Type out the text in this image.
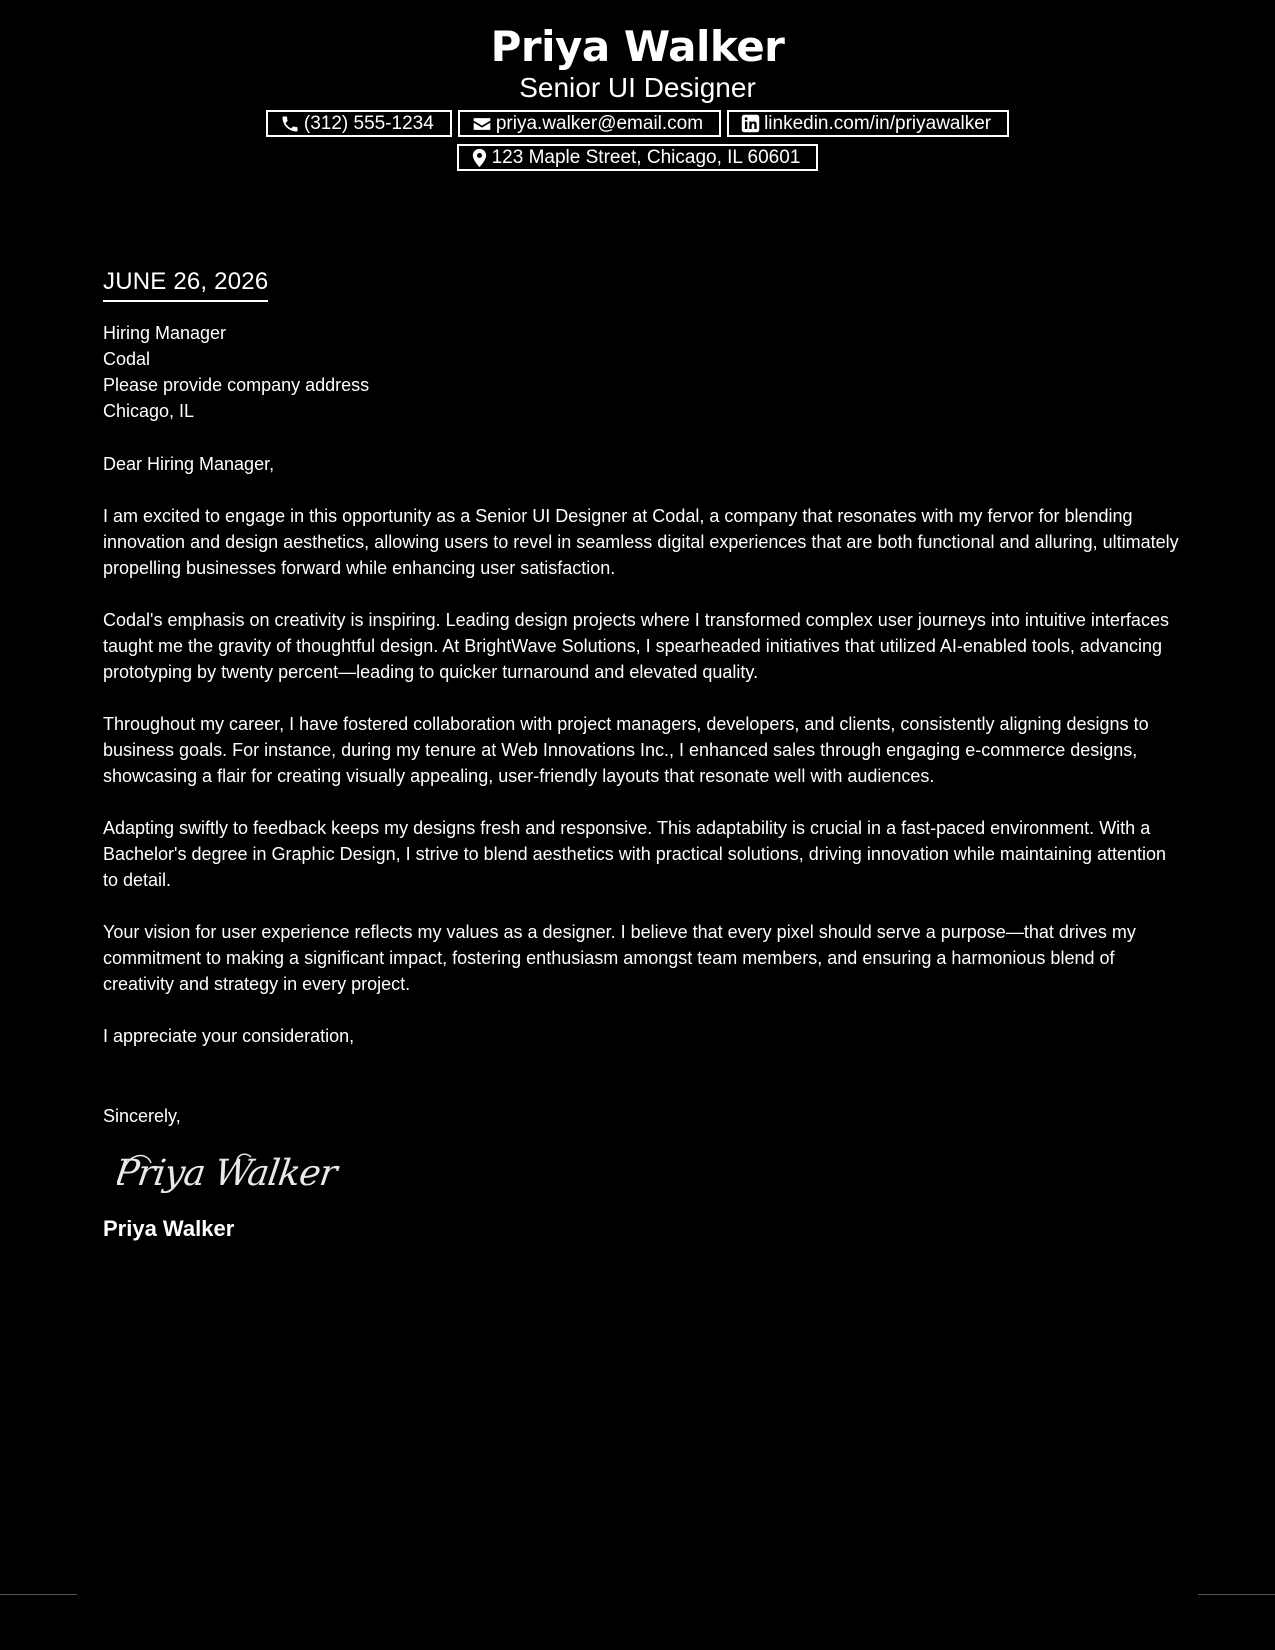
Priya Walker
Senior UI Designer
(312) 555-1234	priya.walker@email.com	linkedin.com/in/priyawalker
123 Maple Street, Chicago, IL 60601
JUNE 26, 2026
Hiring Manager
Codal
Please provide company address
Chicago, IL
Dear Hiring Manager,
I am excited to engage in this opportunity as a Senior UI Designer at Codal, a company that resonates with my fervor for blending innovation and design aesthetics, allowing users to revel in seamless digital experiences that are both functional and alluring, ultimately propelling businesses forward while enhancing user satisfaction.
Codal's emphasis on creativity is inspiring. Leading design projects where I transformed complex user journeys into intuitive interfaces taught me the gravity of thoughtful design. At BrightWave Solutions, I spearheaded initiatives that utilized AI-enabled tools, advancing prototyping by twenty percent—leading to quicker turnaround and elevated quality.
Throughout my career, I have fostered collaboration with project managers, developers, and clients, consistently aligning designs to business goals. For instance, during my tenure at Web Innovations Inc., I enhanced sales through engaging e-commerce designs, showcasing a flair for creating visually appealing, user-friendly layouts that resonate well with audiences.
Adapting swiftly to feedback keeps my designs fresh and responsive. This adaptability is crucial in a fast-paced environment. With a Bachelor's degree in Graphic Design, I strive to blend aesthetics with practical solutions, driving innovation while maintaining attention to detail.
Your vision for user experience reflects my values as a designer. I believe that every pixel should serve a purpose—that drives my commitment to making a significant impact, fostering enthusiasm amongst team members, and ensuring a harmonious blend of creativity and strategy in every project.
I appreciate your consideration,
Sincerely,
Priya Walker
Priya Walker
